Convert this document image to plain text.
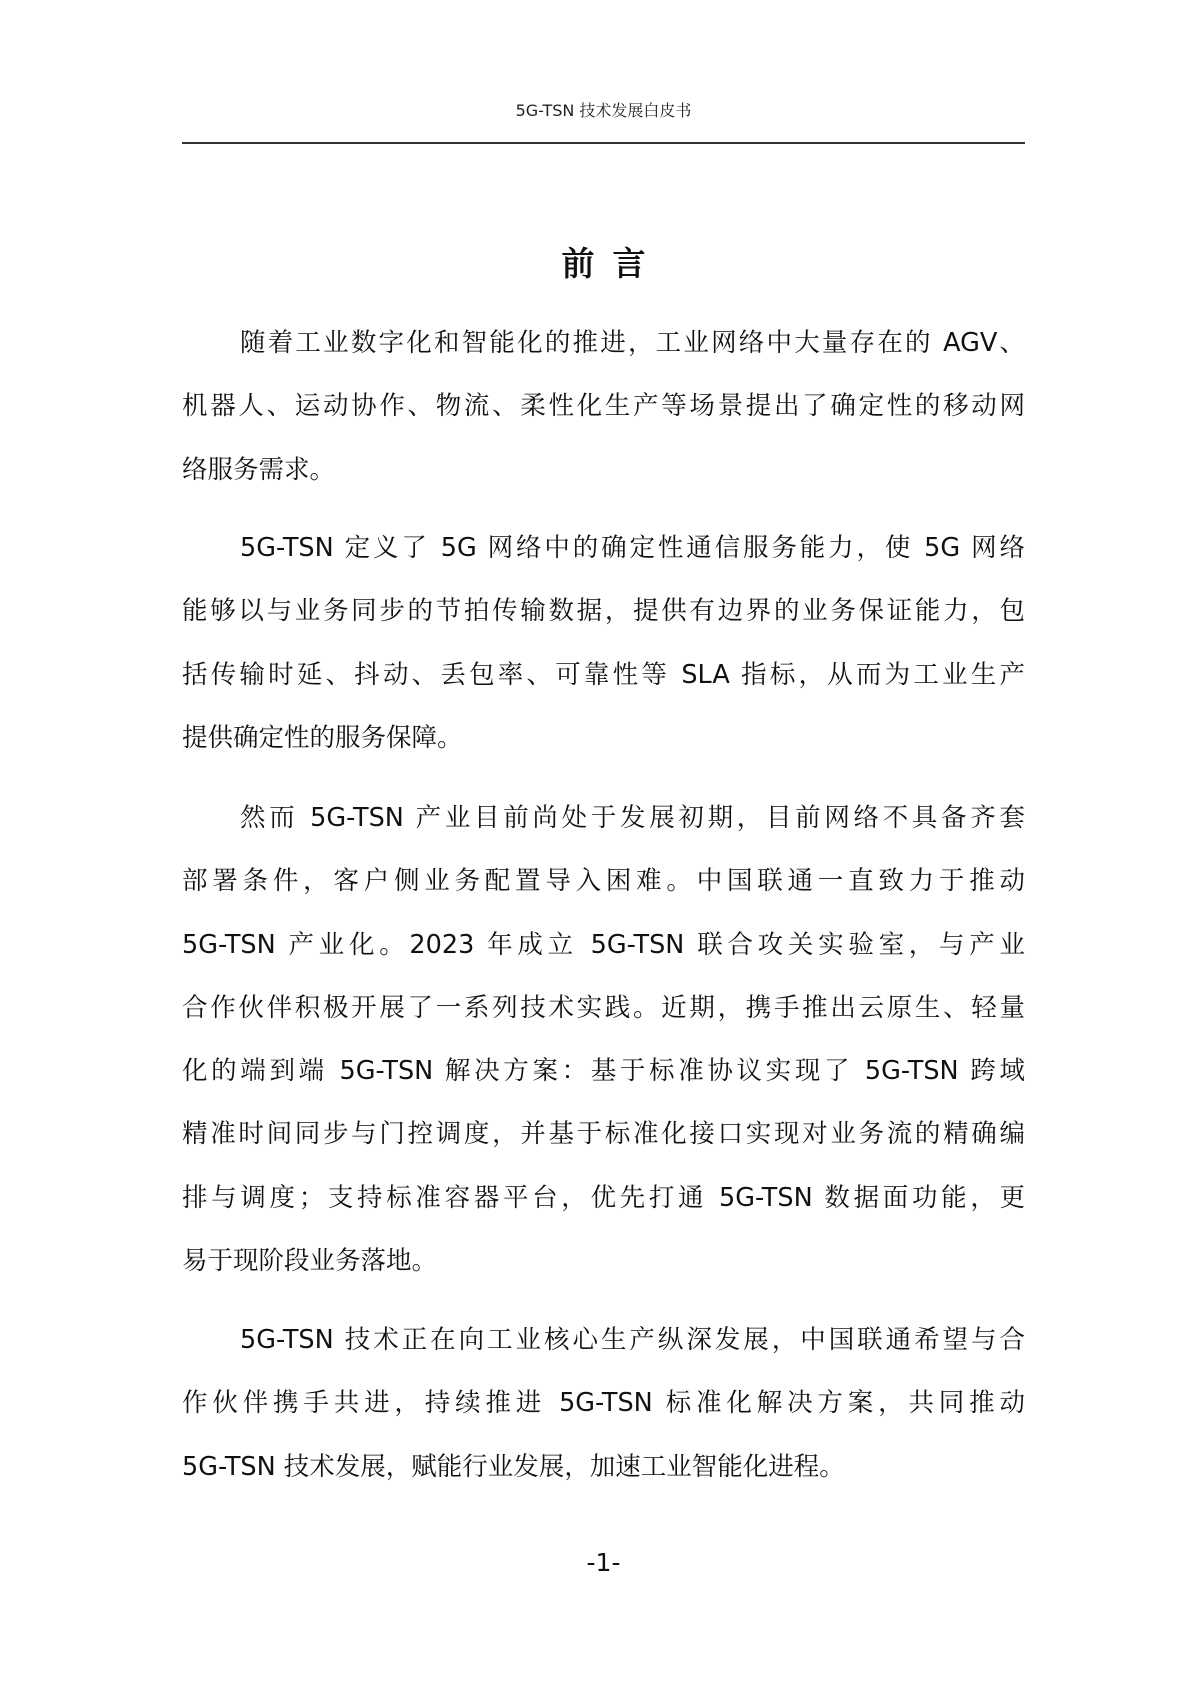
5G-TSN 技术发展白皮书
前言
随着工业数字化和智能化的推进，工业网络中大量存在的 AGV、
机器人、运动协作、物流、柔性化生产等场景提出了确定性的移动网
络服务需求。
5G-TSN 定义了 5G 网络中的确定性通信服务能力，使 5G 网络
能够以与业务同步的节拍传输数据，提供有边界的业务保证能力，包
括传输时延、抖动、丢包率、可靠性等 SLA 指标，从而为工业生产
提供确定性的服务保障。
然而 5G-TSN 产业目前尚处于发展初期，目前网络不具备齐套
部署条件，客户侧业务配置导入困难。中国联通一直致力于推动
5G-TSN 产业化。2023 年成立 5G-TSN 联合攻关实验室，与产业
合作伙伴积极开展了一系列技术实践。近期，携手推出云原生、轻量
化的端到端 5G-TSN 解决方案：基于标准协议实现了 5G-TSN 跨域
精准时间同步与门控调度，并基于标准化接口实现对业务流的精确编
排与调度；支持标准容器平台，优先打通 5G-TSN 数据面功能，更
易于现阶段业务落地。
5G-TSN 技术正在向工业核心生产纵深发展，中国联通希望与合
作伙伴携手共进，持续推进 5G-TSN 标准化解决方案，共同推动
5G-TSN 技术发展，赋能行业发展，加速工业智能化进程。
-1-
